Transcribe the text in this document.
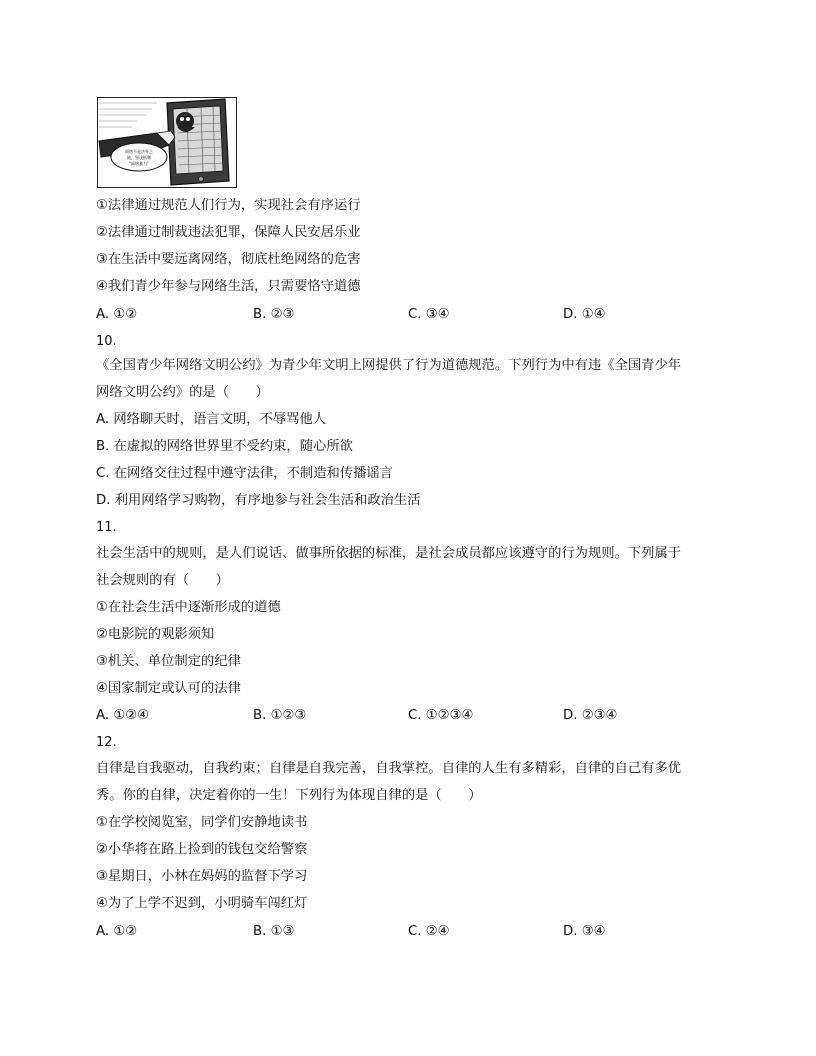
网络不是法外之
地，坚决抵制
“网络暴力”
①法律通过规范人们行为，实现社会有序运行
②法律通过制裁违法犯罪，保障人民安居乐业
③在生活中要远离网络，彻底杜绝网络的危害
④我们青少年参与网络生活，只需要恪守道德
A. ①②	B. ②③	C. ③④	D. ①④
10.
《全国青少年网络文明公约》为青少年文明上网提供了行为道德规范。下列行为中有违《全国青少年
网络文明公约》的是（　　）
A. 网络聊天时，语言文明，不辱骂他人
B. 在虚拟的网络世界里不受约束，随心所欲
C. 在网络交往过程中遵守法律，不制造和传播谣言
D. 利用网络学习购物，有序地参与社会生活和政治生活
11.
社会生活中的规则，是人们说话、做事所依据的标准，是社会成员都应该遵守的行为规则。下列属于
社会规则的有（　　）
①在社会生活中逐渐形成的道德
②电影院的观影须知
③机关、单位制定的纪律
④国家制定或认可的法律
A. ①②④	B. ①②③	C. ①②③④	D. ②③④
12.
自律是自我驱动，自我约束；自律是自我完善，自我掌控。自律的人生有多精彩，自律的自己有多优
秀。你的自律，决定着你的一生！下列行为体现自律的是（　　）
①在学校阅览室，同学们安静地读书
②小华将在路上捡到的钱包交给警察
③星期日，小林在妈妈的监督下学习
④为了上学不迟到，小明骑车闯红灯
A. ①②	B. ①③	C. ②④	D. ③④
